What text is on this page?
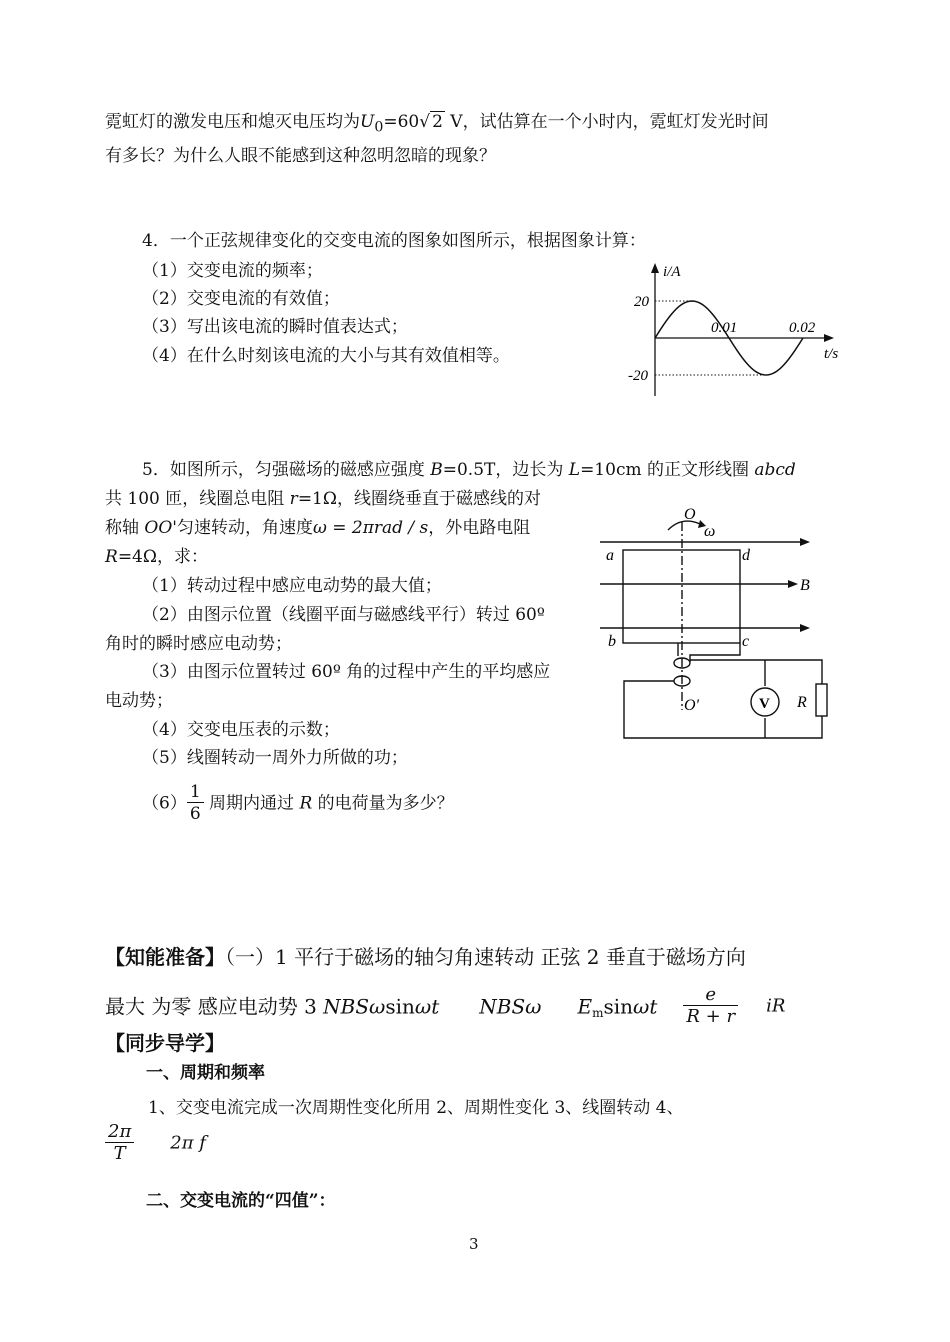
霓虹灯的激发电压和熄灭电压均为$U_0=60√$ 2 V，试估算在一个小时内，霓虹灯发光时间
有多长？为什么人眼不能感到这种忽明忽暗的现象？
4．一个正弦规律变化的交变电流的图象如图所示，根据图象计算：
（1）交变电流的频率；
（2）交变电流的有效值；
（3）写出该电流的瞬时值表达式；
（4）在什么时刻该电流的大小与其有效值相等。
20
-20
0.01	0.02
i/A
t/s
5．如图所示，匀强磁场的磁感应强度 B=0.5T，边长为 L=10cm 的正文形线圈 abcd
共 100 匝，线圈总电阻 r=1Ω，线圈绕垂直于磁感线的对
称轴 OO'匀速转动，角速度ω = 2πrad / s，外电路电阻
R=4Ω，求：
（1）转动过程中感应电动势的最大值；
（2）由图示位置（线圈平面与磁感线平行）转过 60º
角时的瞬时感应电动势；
（3）由图示位置转过 60º 角的过程中产生的平均感应
电动势；
（4）交变电压表的示数；
（5）线圈转动一周外力所做的功；
$(6) \frac{1}{6}$ 周期内通过 R 的电荷量为多少？
O
ω
a	d
b	c
B
O'	R
V
【知能准备】（一）1 平行于磁场的轴匀角速转动 正弦 2 垂直于磁场方向
最大 为零 感应电动势 3 NBSωsinωt NBSω $E_m\sin\omega t \frac{e}{R + r}$ iR
【同步导学】
一、周期和频率
1、交变电流完成一次周期性变化所用 2、周期性变化 3、线圈转动 4、
$\frac{2\pi}{T} 2\pi$ f
二、交变电流的“四值”：
3
